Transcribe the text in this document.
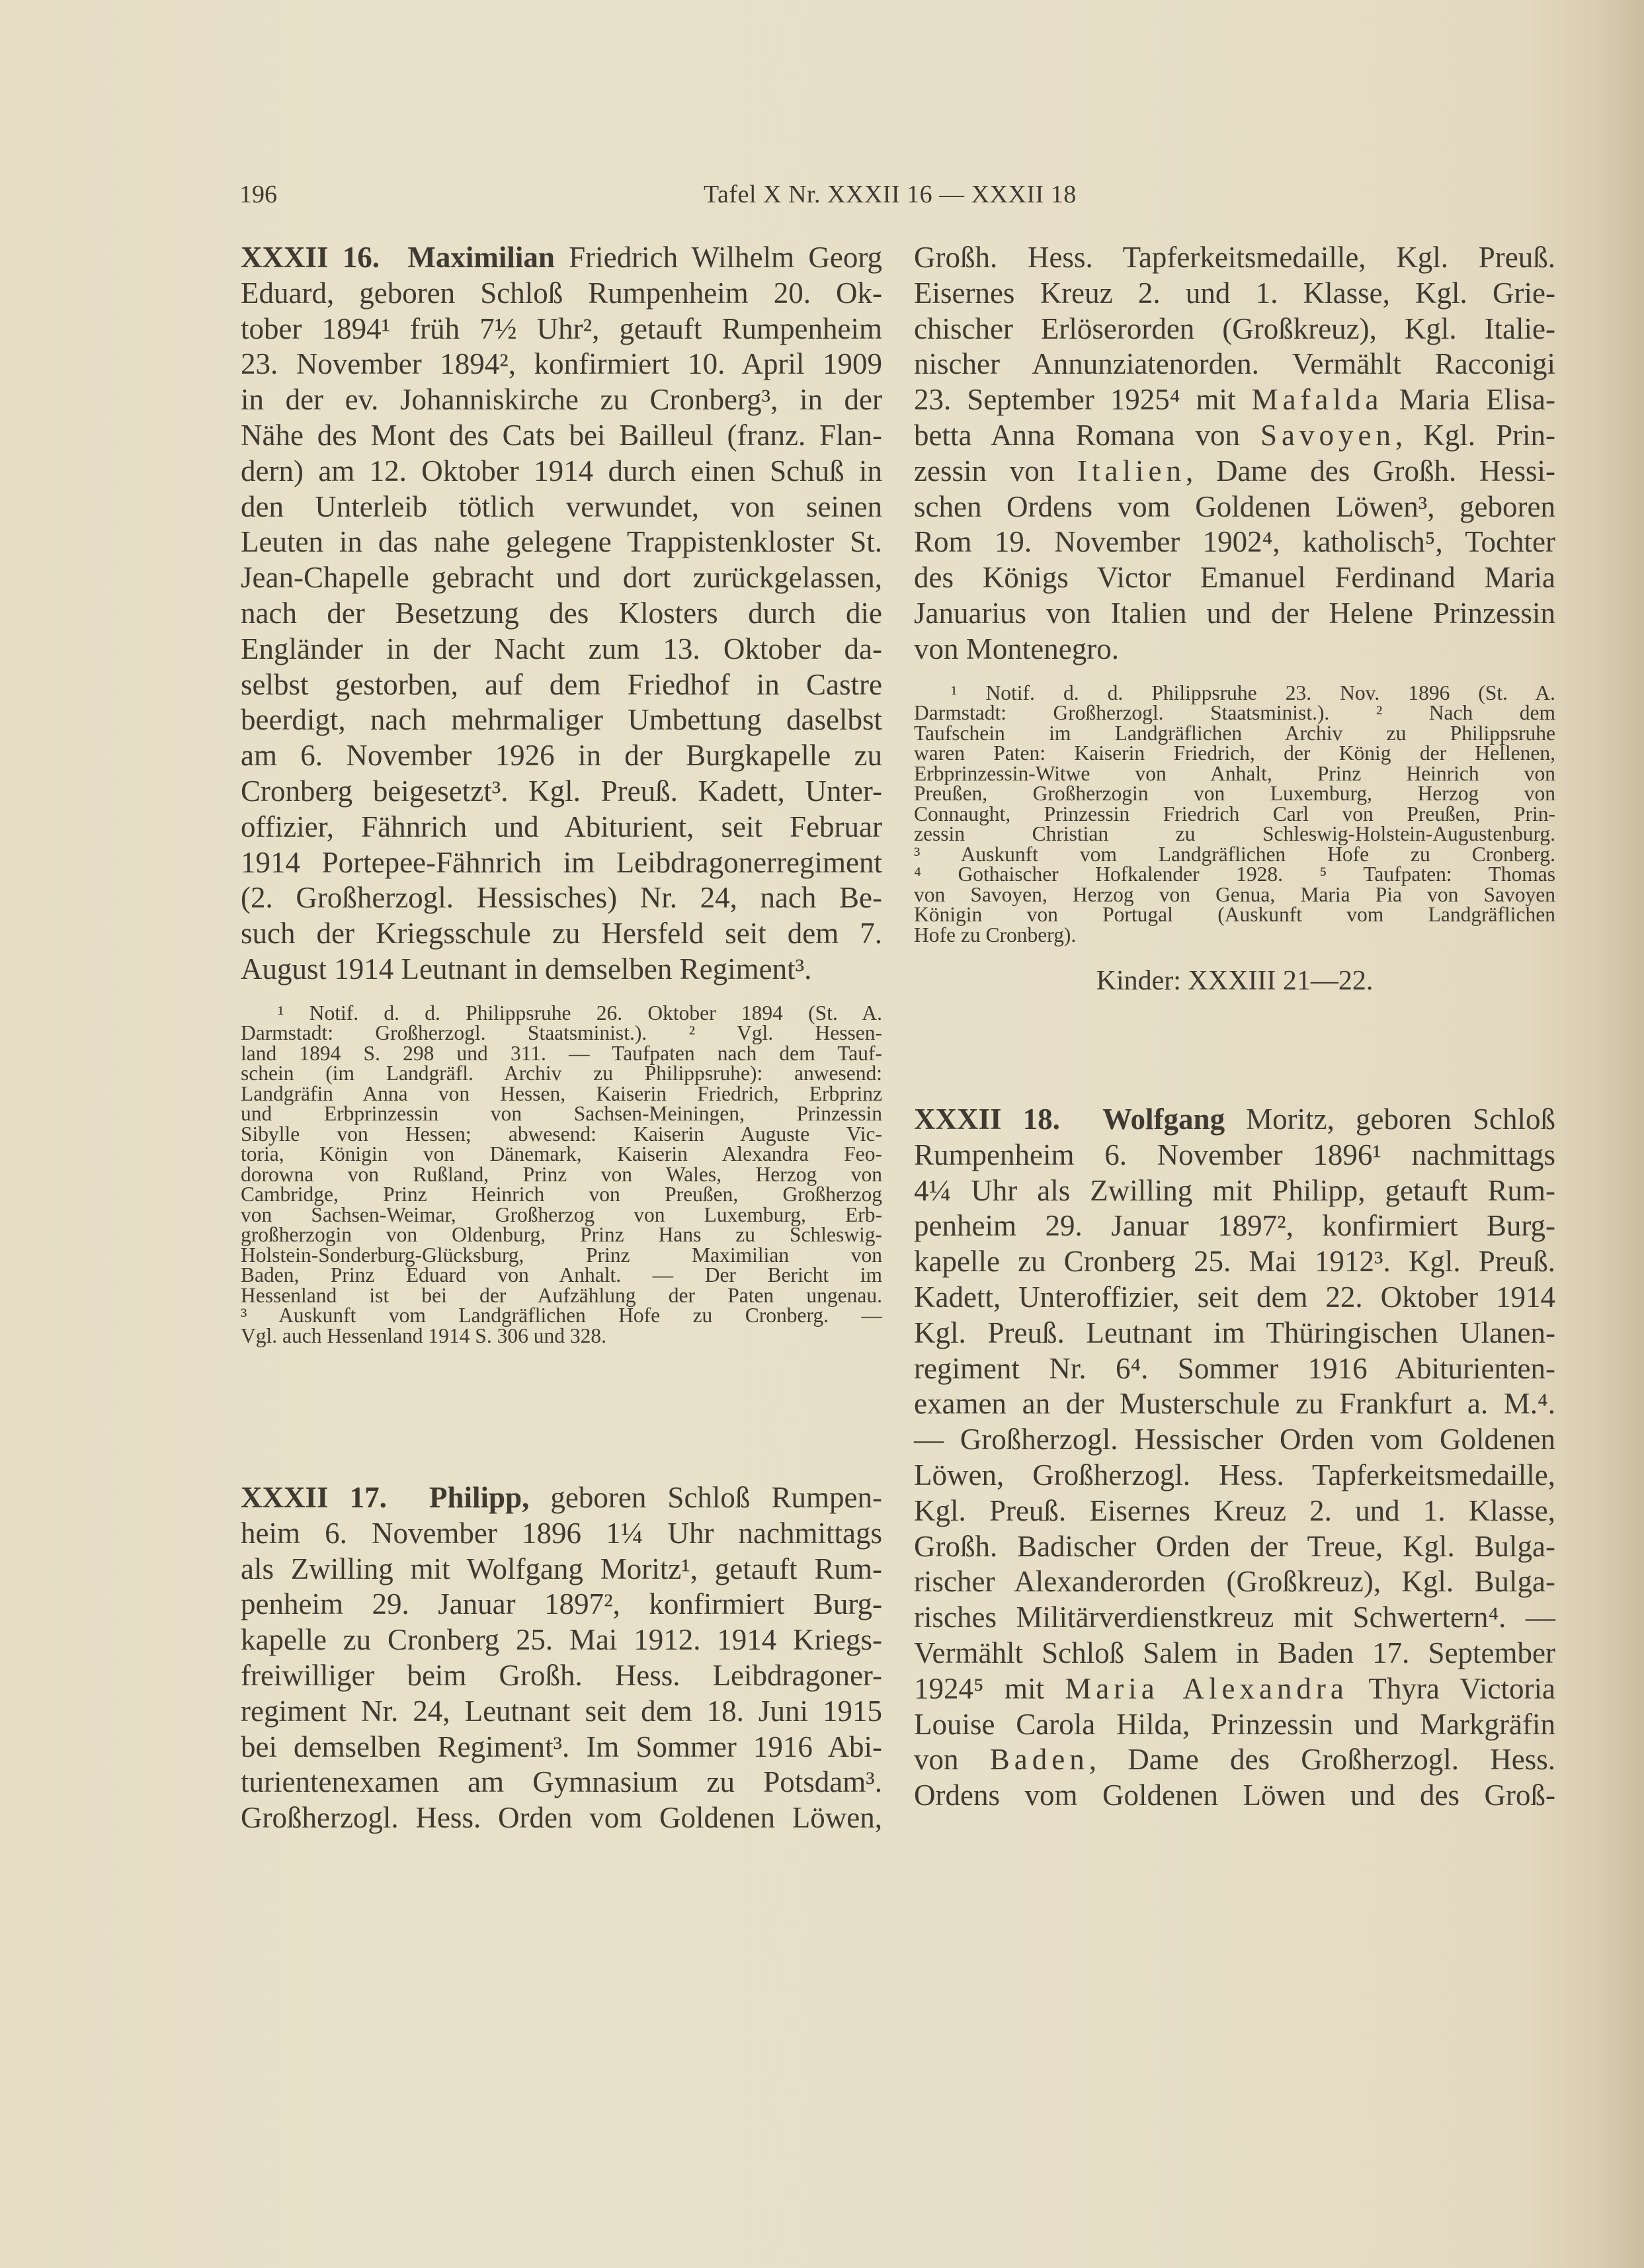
196	Tafel X Nr. XXXII 16 — XXXII 18
XXXII 16. Maximilian Friedrich Wilhelm Georg
Eduard, geboren Schloß Rumpenheim 20. Ok-
tober 1894¹ früh 7½ Uhr², getauft Rumpenheim
23. November 1894², konfirmiert 10. April 1909
in der ev. Johanniskirche zu Cronberg³, in der
Nähe des Mont des Cats bei Bailleul (franz. Flan-
dern) am 12. Oktober 1914 durch einen Schuß in
den Unterleib tötlich verwundet, von seinen
Leuten in das nahe gelegene Trappistenkloster St.
Jean-Chapelle gebracht und dort zurückgelassen,
nach der Besetzung des Klosters durch die
Engländer in der Nacht zum 13. Oktober da-
selbst gestorben, auf dem Friedhof in Castre
beerdigt, nach mehrmaliger Umbettung daselbst
am 6. November 1926 in der Burgkapelle zu
Cronberg beigesetzt³. Kgl. Preuß. Kadett, Unter-
offizier, Fähnrich und Abiturient, seit Februar
1914 Portepee-Fähnrich im Leibdragonerregiment
(2. Großherzogl. Hessisches) Nr. 24, nach Be-
such der Kriegsschule zu Hersfeld seit dem 7.
August 1914 Leutnant in demselben Regiment³.
¹ Notif. d. d. Philippsruhe 26. Oktober 1894 (St. A.
Darmstadt: Großherzogl. Staatsminist.). ² Vgl. Hessen-
land 1894 S. 298 und 311. — Taufpaten nach dem Tauf-
schein (im Landgräfl. Archiv zu Philippsruhe): anwesend:
Landgräfin Anna von Hessen, Kaiserin Friedrich, Erbprinz
und Erbprinzessin von Sachsen-Meiningen, Prinzessin
Sibylle von Hessen; abwesend: Kaiserin Auguste Vic-
toria, Königin von Dänemark, Kaiserin Alexandra Feo-
dorowna von Rußland, Prinz von Wales, Herzog von
Cambridge, Prinz Heinrich von Preußen, Großherzog
von Sachsen-Weimar, Großherzog von Luxemburg, Erb-
großherzogin von Oldenburg, Prinz Hans zu Schleswig-
Holstein-Sonderburg-Glücksburg, Prinz Maximilian von
Baden, Prinz Eduard von Anhalt. — Der Bericht im
Hessenland ist bei der Aufzählung der Paten ungenau.
³ Auskunft vom Landgräflichen Hofe zu Cronberg. —
Vgl. auch Hessenland 1914 S. 306 und 328.
XXXII 17. Philipp, geboren Schloß Rumpen-
heim 6. November 1896 1¼ Uhr nachmittags
als Zwilling mit Wolfgang Moritz¹, getauft Rum-
penheim 29. Januar 1897², konfirmiert Burg-
kapelle zu Cronberg 25. Mai 1912. 1914 Kriegs-
freiwilliger beim Großh. Hess. Leibdragoner-
regiment Nr. 24, Leutnant seit dem 18. Juni 1915
bei demselben Regiment³. Im Sommer 1916 Abi-
turientenexamen am Gymnasium zu Potsdam³.
Großherzogl. Hess. Orden vom Goldenen Löwen,
Großh. Hess. Tapferkeitsmedaille, Kgl. Preuß.
Eisernes Kreuz 2. und 1. Klasse, Kgl. Grie-
chischer Erlöserorden (Großkreuz), Kgl. Italie-
nischer Annunziatenorden. Vermählt Racconigi
23. September 1925⁴ mit Mafalda Maria Elisa-
betta Anna Romana von Savoyen, Kgl. Prin-
zessin von Italien, Dame des Großh. Hessi-
schen Ordens vom Goldenen Löwen³, geboren
Rom 19. November 1902⁴, katholisch⁵, Tochter
des Königs Victor Emanuel Ferdinand Maria
Januarius von Italien und der Helene Prinzessin
von Montenegro.
¹ Notif. d. d. Philippsruhe 23. Nov. 1896 (St. A.
Darmstadt: Großherzogl. Staatsminist.). ² Nach dem
Taufschein im Landgräflichen Archiv zu Philippsruhe
waren Paten: Kaiserin Friedrich, der König der Hellenen,
Erbprinzessin-Witwe von Anhalt, Prinz Heinrich von
Preußen, Großherzogin von Luxemburg, Herzog von
Connaught, Prinzessin Friedrich Carl von Preußen, Prin-
zessin Christian zu Schleswig-Holstein-Augustenburg.
³ Auskunft vom Landgräflichen Hofe zu Cronberg.
⁴ Gothaischer Hofkalender 1928. ⁵ Taufpaten: Thomas
von Savoyen, Herzog von Genua, Maria Pia von Savoyen
Königin von Portugal (Auskunft vom Landgräflichen
Hofe zu Cronberg).
Kinder: XXXIII 21—22.
XXXII 18. Wolfgang Moritz, geboren Schloß
Rumpenheim 6. November 1896¹ nachmittags
4¼ Uhr als Zwilling mit Philipp, getauft Rum-
penheim 29. Januar 1897², konfirmiert Burg-
kapelle zu Cronberg 25. Mai 1912³. Kgl. Preuß.
Kadett, Unteroffizier, seit dem 22. Oktober 1914
Kgl. Preuß. Leutnant im Thüringischen Ulanen-
regiment Nr. 6⁴. Sommer 1916 Abiturienten-
examen an der Musterschule zu Frankfurt a. M.⁴.
— Großherzogl. Hessischer Orden vom Goldenen
Löwen, Großherzogl. Hess. Tapferkeitsmedaille,
Kgl. Preuß. Eisernes Kreuz 2. und 1. Klasse,
Großh. Badischer Orden der Treue, Kgl. Bulga-
rischer Alexanderorden (Großkreuz), Kgl. Bulga-
risches Militärverdienstkreuz mit Schwertern⁴. —
Vermählt Schloß Salem in Baden 17. September
1924⁵ mit Maria Alexandra Thyra Victoria
Louise Carola Hilda, Prinzessin und Markgräfin
von Baden, Dame des Großherzogl. Hess.
Ordens vom Goldenen Löwen und des Groß-
